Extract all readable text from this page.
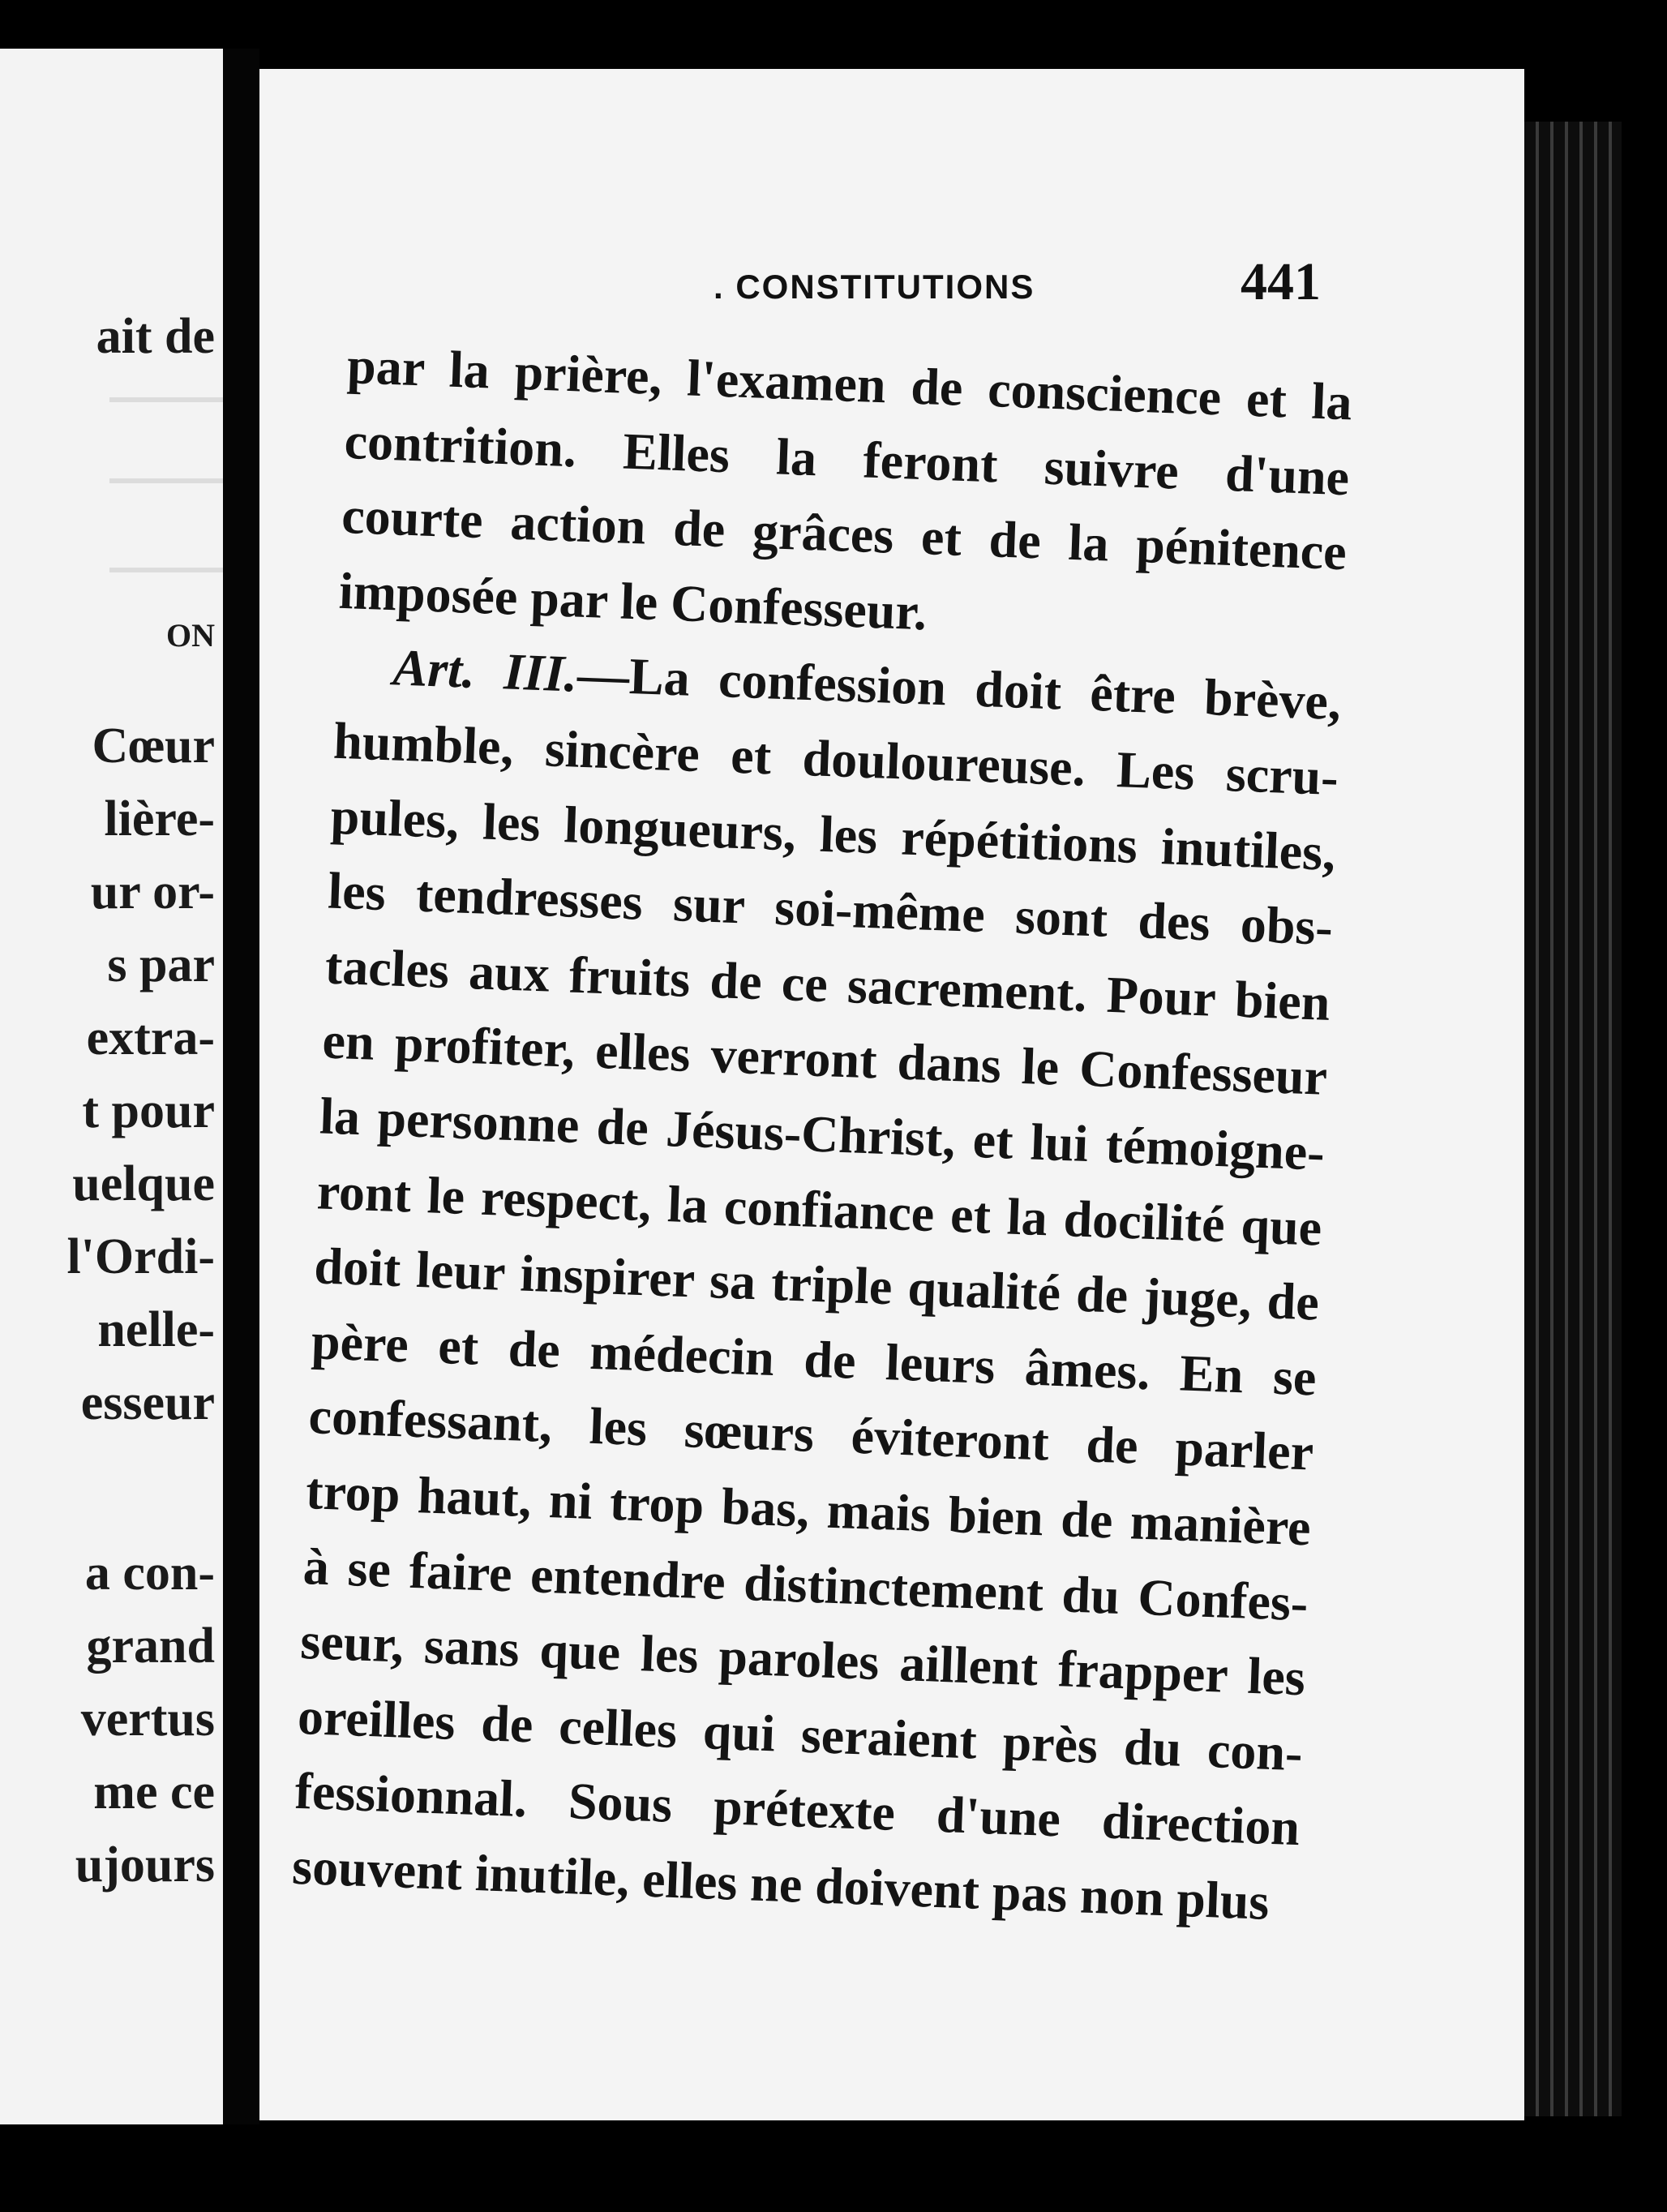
ait de
ON
Cœur
lière-
ur or-
s par
extra-
t pour
uelque
l'Ordi-
nelle-
esseur
a con-
grand
vertus
me ce
ujours
. CONSTITUTIONS	441
par la prière, l'examen de conscience et la
contrition. Elles la feront suivre d'une
courte action de grâces et de la pénitence
imposée par le Confesseur.
Art. III.—La confession doit être brève,
humble, sincère et douloureuse. Les scru-
pules, les longueurs, les répétitions inutiles,
les tendresses sur soi-même sont des obs-
tacles aux fruits de ce sacrement. Pour bien
en profiter, elles verront dans le Confesseur
la personne de Jésus-Christ, et lui témoigne-
ront le respect, la confiance et la docilité que
doit leur inspirer sa triple qualité de juge, de
père et de médecin de leurs âmes. En se
confessant, les sœurs éviteront de parler
trop haut, ni trop bas, mais bien de manière
à se faire entendre distinctement du Confes-
seur, sans que les paroles aillent frapper les
oreilles de celles qui seraient près du con-
fessionnal. Sous prétexte d'une direction
souvent inutile, elles ne doivent pas non plus
